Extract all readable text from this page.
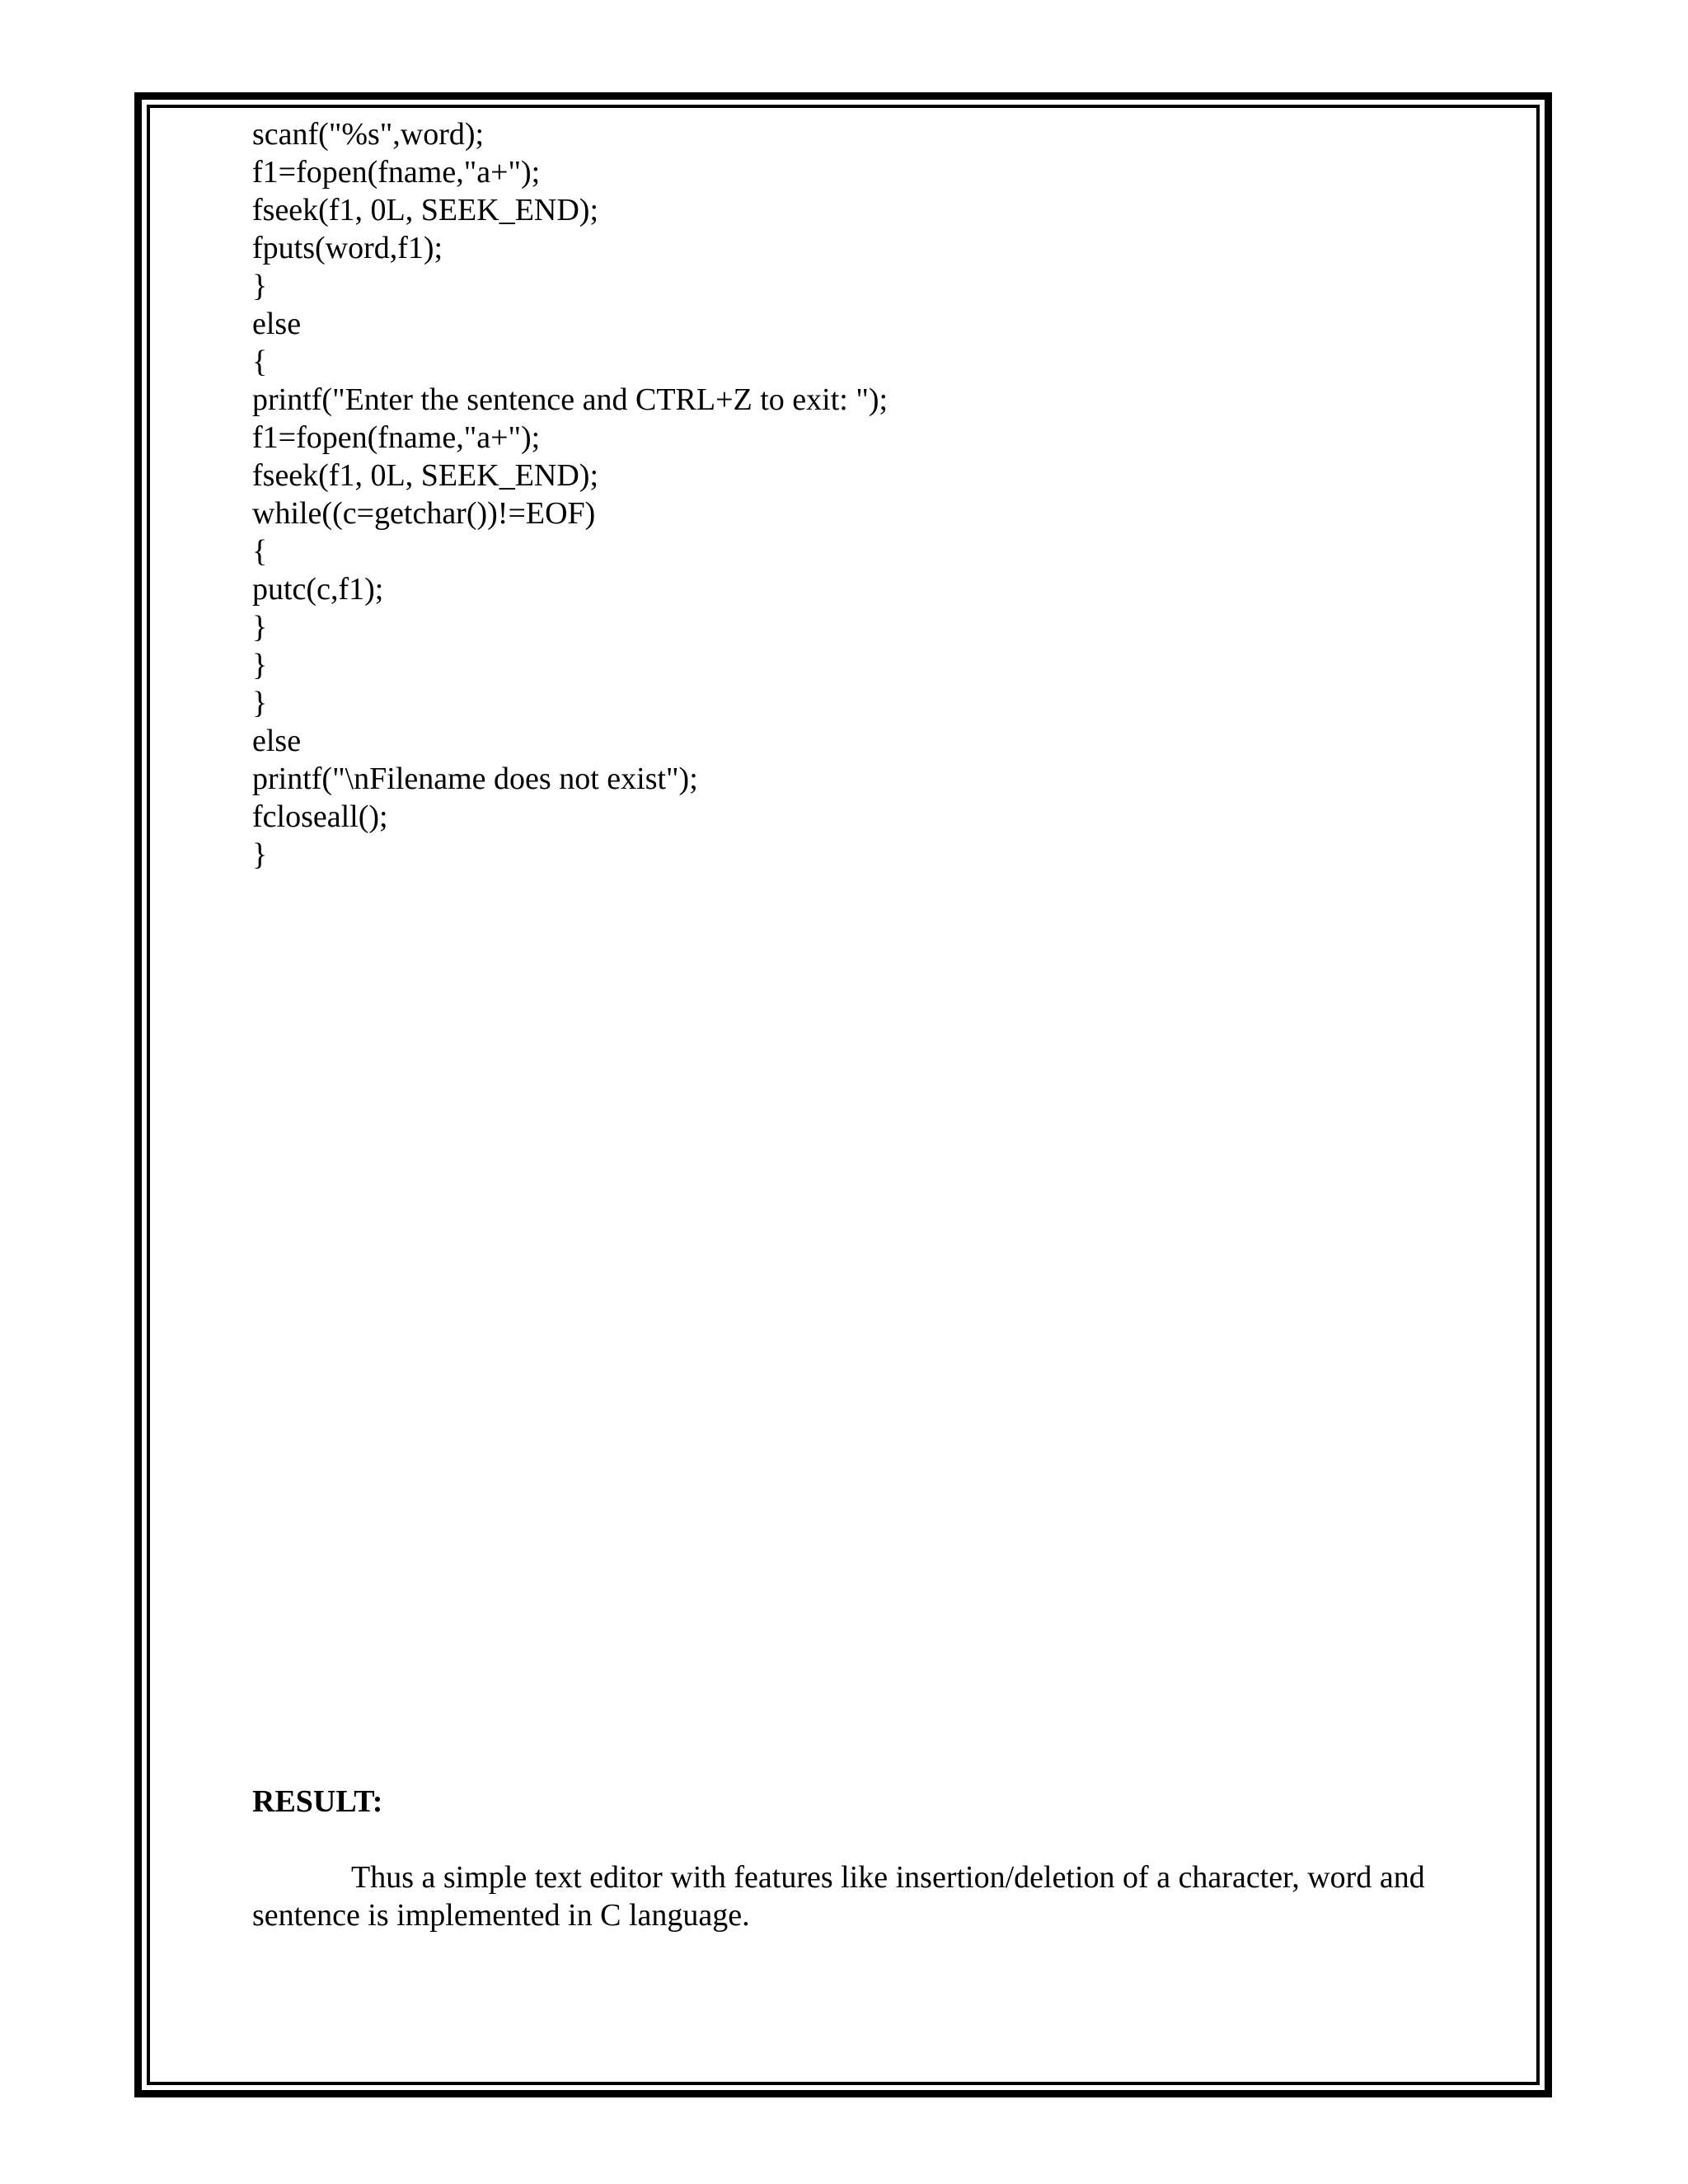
scanf("%s",word);
f1=fopen(fname,"a+");
fseek(f1, 0L, SEEK_END);
fputs(word,f1);
}
else
{
printf("Enter the sentence and CTRL+Z to exit: ");
f1=fopen(fname,"a+");
fseek(f1, 0L, SEEK_END);
while((c=getchar())!=EOF)
{
putc(c,f1);
}
}
}
else
printf("\nFilename does not exist");
fcloseall();
}
RESULT:
Thus a simple text editor with features like insertion/deletion of a character, word and sentence is implemented in C language.
